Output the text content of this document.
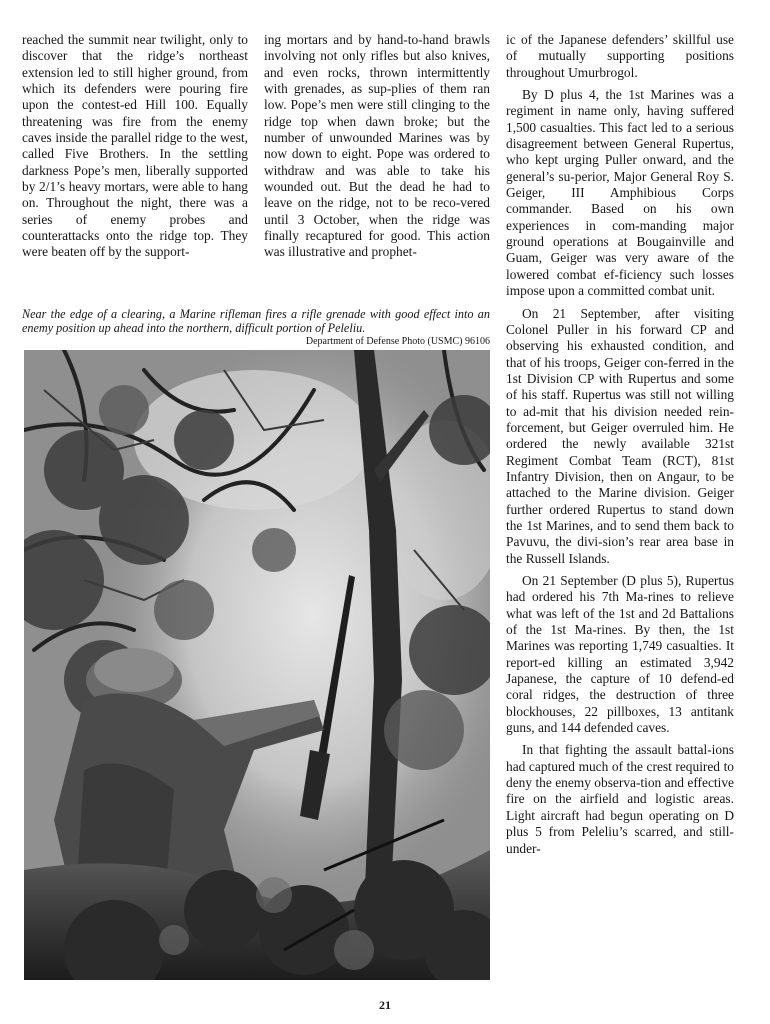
reached the summit near twilight, only to discover that the ridge’s northeast extension led to still higher ground, from which its defenders were pouring fire upon the contest-ed Hill 100. Equally threatening was fire from the enemy caves inside the parallel ridge to the west, called Five Brothers. In the settling darkness Pope’s men, liberally supported by 2/1’s heavy mortars, were able to hang on. Throughout the night, there was a series of enemy probes and counterattacks onto the ridge top. They were beaten off by the support-

ing mortars and by hand-to-hand brawls involving not only rifles but also knives, and even rocks, thrown intermittently with grenades, as sup-plies of them ran low. Pope’s men were still clinging to the ridge top when dawn broke; but the number of unwounded Marines was by now down to eight. Pope was ordered to withdraw and was able to take his wounded out. But the dead he had to leave on the ridge, not to be reco-vered until 3 October, when the ridge was finally recaptured for good. This action was illustrative and prophet-

ic of the Japanese defenders’ skillful use of mutually supporting positions throughout Umurbrogol.

By D plus 4, the 1st Marines was a regiment in name only, having suffered 1,500 casualties. This fact led to a serious disagreement between General Rupertus, who kept urging Puller onward, and the general’s su-perior, Major General Roy S. Geiger, III Amphibious Corps commander. Based on his own experiences in com-manding major ground operations at Bougainville and Guam, Geiger was very aware of the lowered combat ef-ficiency such losses impose upon a committed combat unit.

On 21 September, after visiting Colonel Puller in his forward CP and observing his exhausted condition, and that of his troops, Geiger con-ferred in the 1st Division CP with Rupertus and some of his staff. Rupertus was still not willing to ad-mit that his division needed rein-forcement, but Geiger overruled him. He ordered the newly available 321st Regiment Combat Team (RCT), 81st Infantry Division, then on Angaur, to be attached to the Marine division. Geiger further ordered Rupertus to stand down the 1st Marines, and to send them back to Pavuvu, the divi-sion’s rear area base in the Russell Islands.

On 21 September (D plus 5), Rupertus had ordered his 7th Ma-rines to relieve what was left of the 1st and 2d Battalions of the 1st Ma-rines. By then, the 1st Marines was reporting 1,749 casualties. It report-ed killing an estimated 3,942 Japanese, the capture of 10 defend-ed coral ridges, the destruction of three blockhouses, 22 pillboxes, 13 antitank guns, and 144 defended caves.

In that fighting the assault battal-ions had captured much of the crest required to deny the enemy observa-tion and effective fire on the airfield and logistic areas. Light aircraft had begun operating on D plus 5 from Peleliu’s scarred, and still-under-

Near the edge of a clearing, a Marine rifleman fires a rifle grenade with good effect into an enemy position up ahead into the northern, difficult portion of Peleliu.
Department of Defense Photo (USMC) 96106
21
